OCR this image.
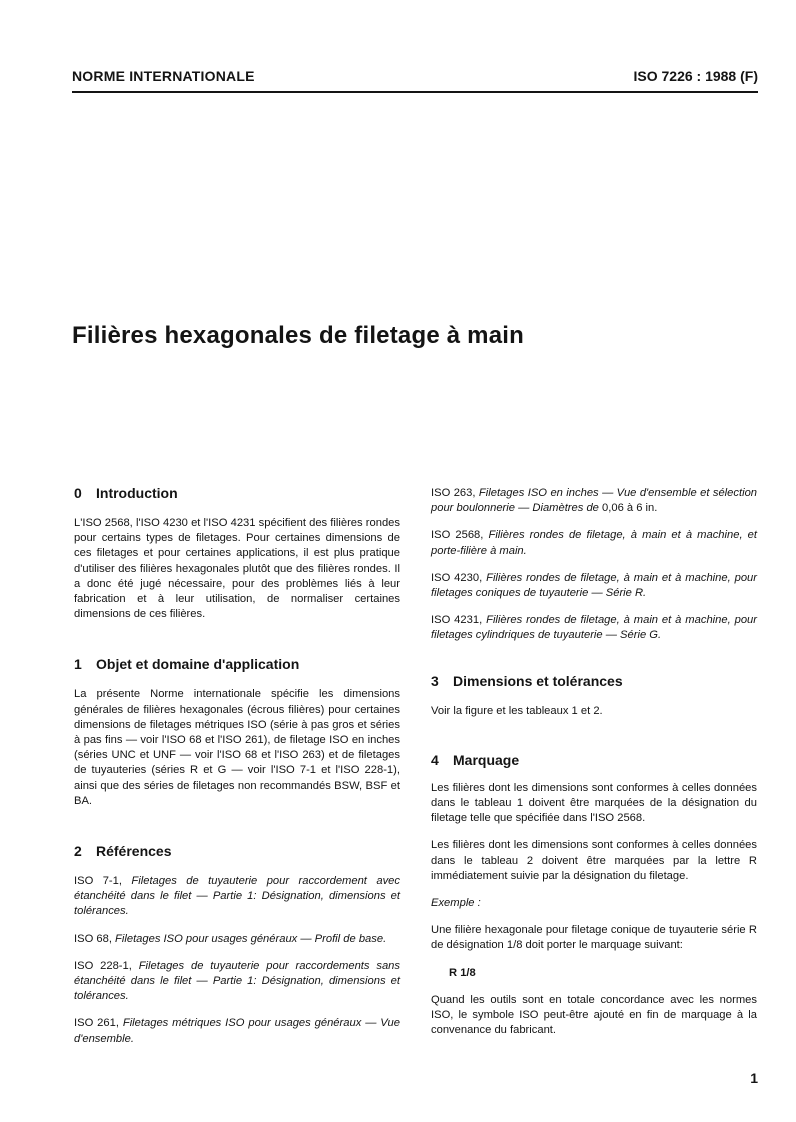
NORME INTERNATIONALE	ISO 7226 : 1988 (F)
Filières hexagonales de filetage à main
0	Introduction

L'ISO 2568, l'ISO 4230 et l'ISO 4231 spécifient des filières rondes pour certains types de filetages. Pour certaines dimensions de ces filetages et pour certaines applications, il est plus pratique d'utiliser des filières hexagonales plutôt que des filières rondes. Il a donc été jugé nécessaire, pour des problèmes liés à leur fabrication et à leur utilisation, de normaliser certaines dimensions de ces filières.

1	Objet et domaine d'application

La présente Norme internationale spécifie les dimensions générales de filières hexagonales (écrous filières) pour certaines dimensions de filetages métriques ISO (série à pas gros et séries à pas fins — voir l'ISO 68 et l'ISO 261), de filetage ISO en inches (séries UNC et UNF — voir l'ISO 68 et l'ISO 263) et de filetages de tuyauteries (séries R et G — voir l'ISO 7-1 et l'ISO 228-1), ainsi que des séries de filetages non recommandés BSW, BSF et BA.

2	Références

ISO 7-1, Filetages de tuyauterie pour raccordement avec étanchéité dans le filet — Partie 1: Désignation, dimensions et tolérances.

ISO 68, Filetages ISO pour usages généraux — Profil de base.

ISO 228-1, Filetages de tuyauterie pour raccordements sans étanchéité dans le filet — Partie 1: Désignation, dimensions et tolérances.

ISO 261, Filetages métriques ISO pour usages généraux — Vue d'ensemble.

ISO 263, Filetages ISO en inches — Vue d'ensemble et sélection pour boulonnerie — Diamètres de 0,06 à 6 in.

ISO 2568, Filières rondes de filetage, à main et à machine, et porte-filière à main.

ISO 4230, Filières rondes de filetage, à main et à machine, pour filetages coniques de tuyauterie — Série R.

ISO 4231, Filières rondes de filetage, à main et à machine, pour filetages cylindriques de tuyauterie — Série G.

3	Dimensions et tolérances

Voir la figure et les tableaux 1 et 2.

4	Marquage

Les filières dont les dimensions sont conformes à celles données dans le tableau 1 doivent être marquées de la désignation du filetage telle que spécifiée dans l'ISO 2568.

Les filières dont les dimensions sont conformes à celles données dans le tableau 2 doivent être marquées par la lettre R immédiatement suivie par la désignation du filetage.

Exemple :

Une filière hexagonale pour filetage conique de tuyauterie série R de désignation 1/8 doit porter le marquage suivant:

R 1/8

Quand les outils sont en totale concordance avec les normes ISO, le symbole ISO peut-être ajouté en fin de marquage à la convenance du fabricant.

1
